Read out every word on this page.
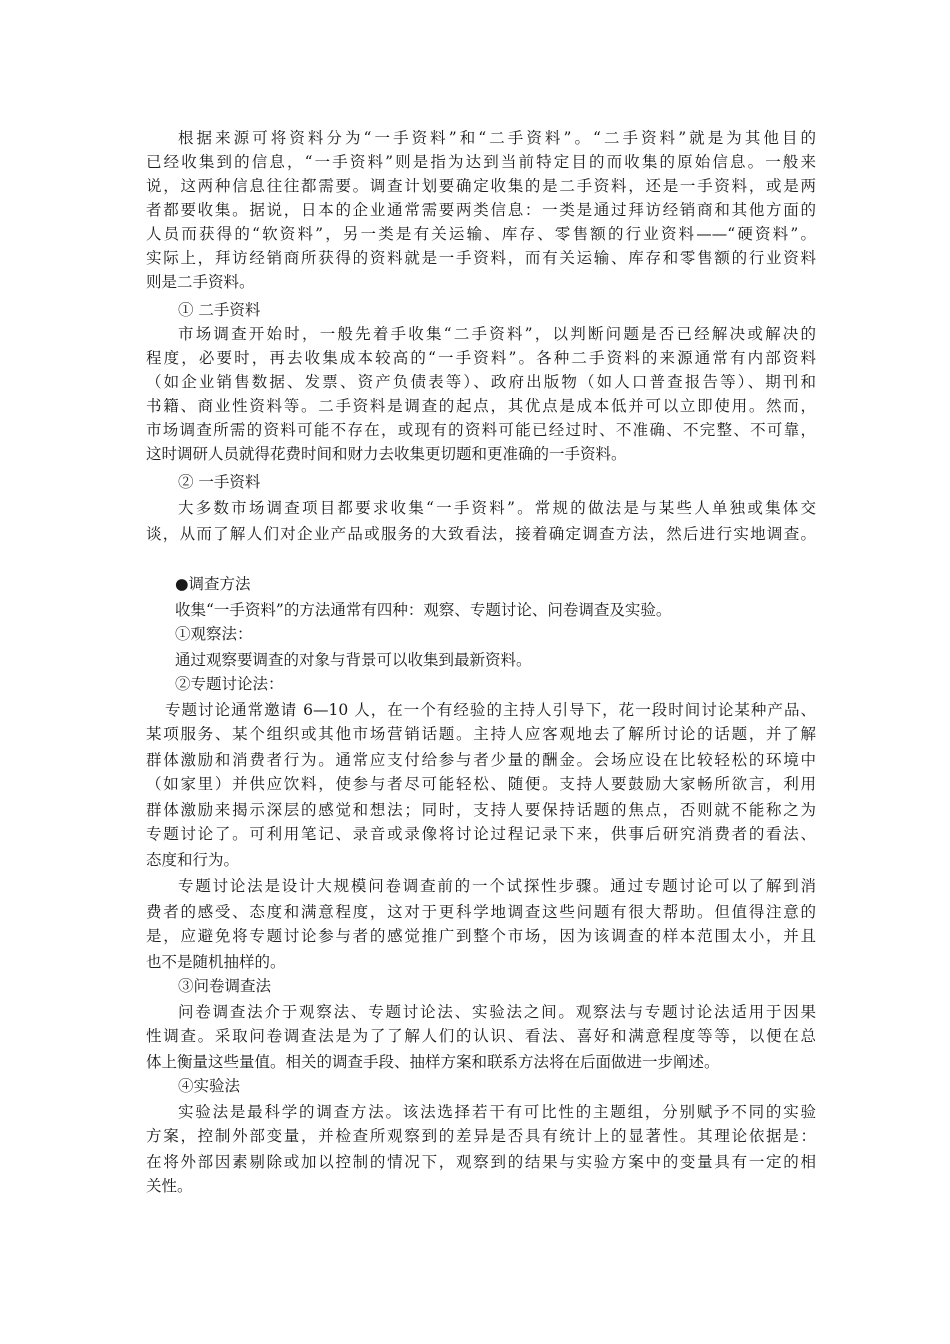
根据来源可将资料分为“一手资料”和“二手资料”。“二手资料”就是为其他目的
已经收集到的信息，“一手资料”则是指为达到当前特定目的而收集的原始信息。一般来
说，这两种信息往往都需要。调查计划要确定收集的是二手资料，还是一手资料，或是两
者都要收集。据说，日本的企业通常需要两类信息：一类是通过拜访经销商和其他方面的
人员而获得的“软资料”，另一类是有关运输、库存、零售额的行业资料——“硬资料”。
实际上，拜访经销商所获得的资料就是一手资料，而有关运输、库存和零售额的行业资料
则是二手资料。
① 二手资料
市场调查开始时，一般先着手收集“二手资料”，以判断问题是否已经解决或解决的
程度，必要时，再去收集成本较高的“一手资料”。各种二手资料的来源通常有内部资料
（如企业销售数据、发票、资产负债表等）、政府出版物（如人口普查报告等）、期刊和
书籍、商业性资料等。二手资料是调查的起点，其优点是成本低并可以立即使用。然而，
市场调查所需的资料可能不存在，或现有的资料可能已经过时、不准确、不完整、不可靠，
这时调研人员就得花费时间和财力去收集更切题和更准确的一手资料。
② 一手资料
大多数市场调查项目都要求收集“一手资料”。常规的做法是与某些人单独或集体交
谈，从而了解人们对企业产品或服务的大致看法，接着确定调查方法，然后进行实地调查。
●调查方法
收集“一手资料”的方法通常有四种：观察、专题讨论、问卷调查及实验。
①观察法：
通过观察要调查的对象与背景可以收集到最新资料。
②专题讨论法：
专题讨论通常邀请 6—10 人，在一个有经验的主持人引导下，花一段时间讨论某种产品、
某项服务、某个组织或其他市场营销话题。主持人应客观地去了解所讨论的话题，并了解
群体激励和消费者行为。通常应支付给参与者少量的酬金。会场应设在比较轻松的环境中
（如家里）并供应饮料，使参与者尽可能轻松、随便。支持人要鼓励大家畅所欲言，利用
群体激励来揭示深层的感觉和想法；同时，支持人要保持话题的焦点，否则就不能称之为
专题讨论了。可利用笔记、录音或录像将讨论过程记录下来，供事后研究消费者的看法、
态度和行为。
专题讨论法是设计大规模问卷调查前的一个试探性步骤。通过专题讨论可以了解到消
费者的感受、态度和满意程度，这对于更科学地调查这些问题有很大帮助。但值得注意的
是，应避免将专题讨论参与者的感觉推广到整个市场，因为该调查的样本范围太小，并且
也不是随机抽样的。
③问卷调查法
问卷调查法介于观察法、专题讨论法、实验法之间。观察法与专题讨论法适用于因果
性调查。采取问卷调查法是为了了解人们的认识、看法、喜好和满意程度等等，以便在总
体上衡量这些量值。相关的调查手段、抽样方案和联系方法将在后面做进一步阐述。
④实验法
实验法是最科学的调查方法。该法选择若干有可比性的主题组，分别赋予不同的实验
方案，控制外部变量，并检查所观察到的差异是否具有统计上的显著性。其理论依据是：
在将外部因素剔除或加以控制的情况下，观察到的结果与实验方案中的变量具有一定的相
关性。
